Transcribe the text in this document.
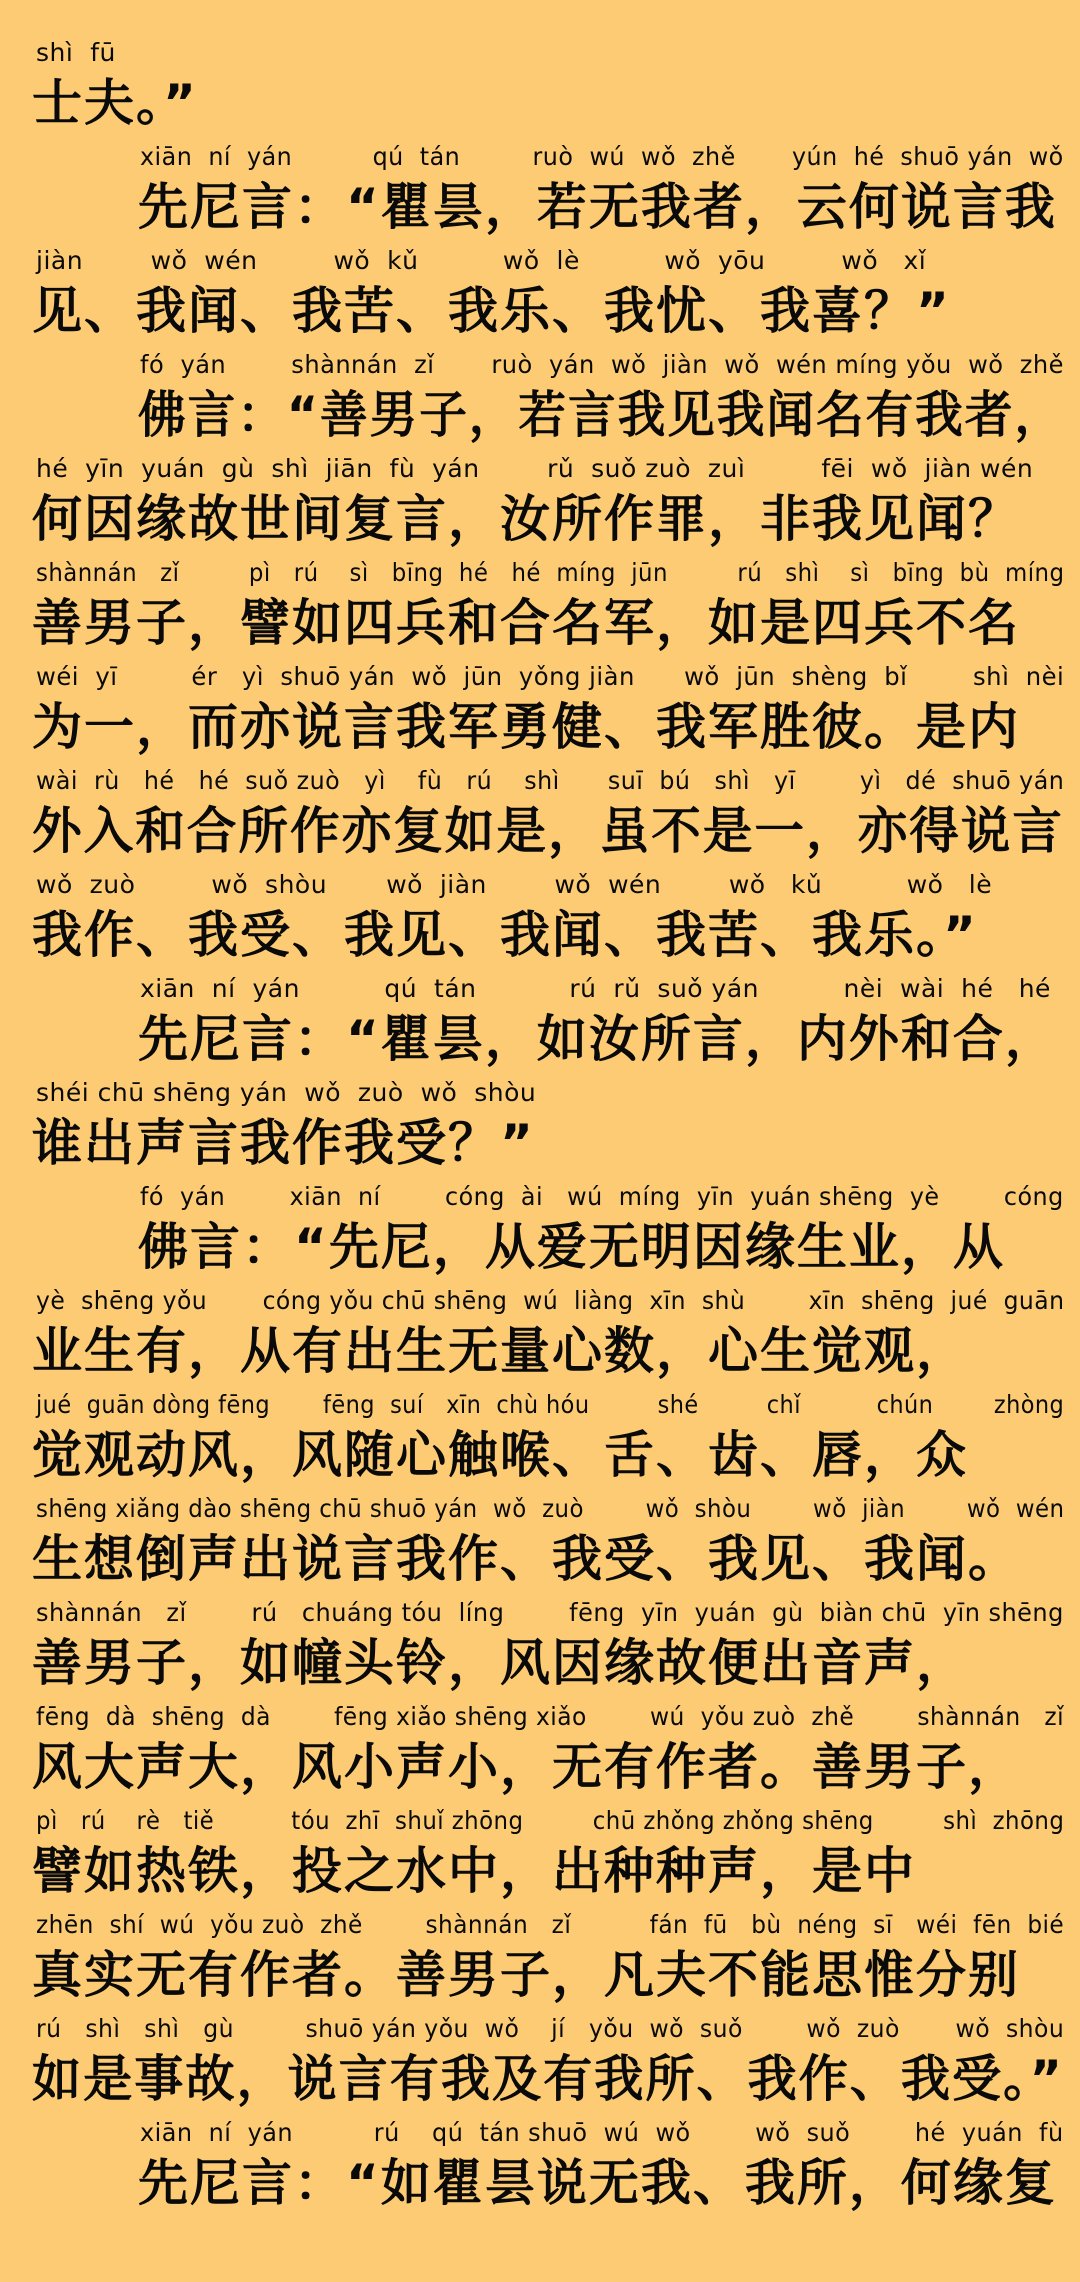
shì  fū
士夫。”
xiān  ní  yán          qú  tán         ruò  wú  wǒ  zhě       yún  hé  shuō yán  wǒ
先尼言：“瞿昙，若无我者，云何说言我
jiàn        wǒ  wén         wǒ  kǔ          wǒ  lè          wǒ  yōu         wǒ   xǐ
见、我闻、我苦、我乐、我忧、我喜？”
fó  yán        shànnán  zǐ       ruò  yán  wǒ  jiàn  wǒ  wén míng yǒu  wǒ  zhě
佛言：“善男子，若言我见我闻名有我者，
hé  yīn  yuán  gù  shì  jiān  fù  yán        rǔ  suǒ zuò  zuì         fēi  wǒ  jiàn wén
何因缘故世间复言，汝所作罪，非我见闻？
shànnán   zǐ         pì   rú    sì   bīng  hé   hé  míng  jūn         rú   shì    sì   bīng  bù  míng
善男子，譬如四兵和合名军，如是四兵不名
wéi  yī         ér   yì  shuō yán  wǒ  jūn  yǒng jiàn      wǒ  jūn  shèng  bǐ        shì  nèi
为一，而亦说言我军勇健、我军胜彼。是内
wài  rù   hé   hé  suǒ zuò   yì    fù   rú    shì      suī  bú   shì   yī        yì   dé  shuō yán
外入和合所作亦复如是，虽不是一，亦得说言
wǒ  zuò         wǒ  shòu       wǒ  jiàn        wǒ  wén        wǒ   kǔ          wǒ   lè
我作、我受、我见、我闻、我苦、我乐。”
xiān  ní  yán          qú  tán           rú  rǔ  suǒ yán          nèi  wài  hé   hé
先尼言：“瞿昙，如汝所言，内外和合，
shéi chū shēng yán  wǒ  zuò  wǒ  shòu
谁出声言我作我受？”
fó  yán        xiān  ní        cóng  ài   wú  míng  yīn  yuán shēng  yè        cóng
佛言：“先尼，从爱无明因缘生业，从
yè  shēng yǒu       cóng yǒu chū shēng  wú  liàng  xīn  shù        xīn  shēng  jué  guān
业生有，从有出生无量心数，心生觉观，
jué  guān dòng fēng       fēng  suí   xīn  chù hóu         shé         chǐ          chún        zhòng
觉观动风，风随心触喉、舌、齿、唇，众
shēng xiǎng dào shēng chū shuō yán  wǒ  zuò        wǒ  shòu        wǒ  jiàn        wǒ  wén
生想倒声出说言我作、我受、我见、我闻。
shànnán   zǐ        rú   chuáng tóu  líng        fēng  yīn  yuán  gù  biàn chū  yīn shēng
善男子，如幢头铃，风因缘故便出音声，
fēng  dà  shēng  dà        fēng xiǎo shēng xiǎo        wú  yǒu zuò  zhě        shànnán   zǐ
风大声大，风小声小，无有作者。善男子，
pì   rú    rè   tiě          tóu  zhī  shuǐ zhōng         chū zhǒng zhǒng shēng         shì  zhōng
譬如热铁，投之水中，出种种声，是中
zhēn  shí  wú  yǒu zuò  zhě        shànnán   zǐ          fán  fū   bù  néng  sī   wéi  fēn  bié
真实无有作者。善男子，凡夫不能思惟分别
rú   shì   shì   gù         shuō yán yǒu  wǒ    jí   yǒu  wǒ  suǒ        wǒ  zuò       wǒ  shòu
如是事故，说言有我及有我所、我作、我受。”
xiān  ní  yán          rú    qú  tán shuō  wú  wǒ        wǒ  suǒ        hé  yuán  fù
先尼言：“如瞿昙说无我、我所，何缘复
